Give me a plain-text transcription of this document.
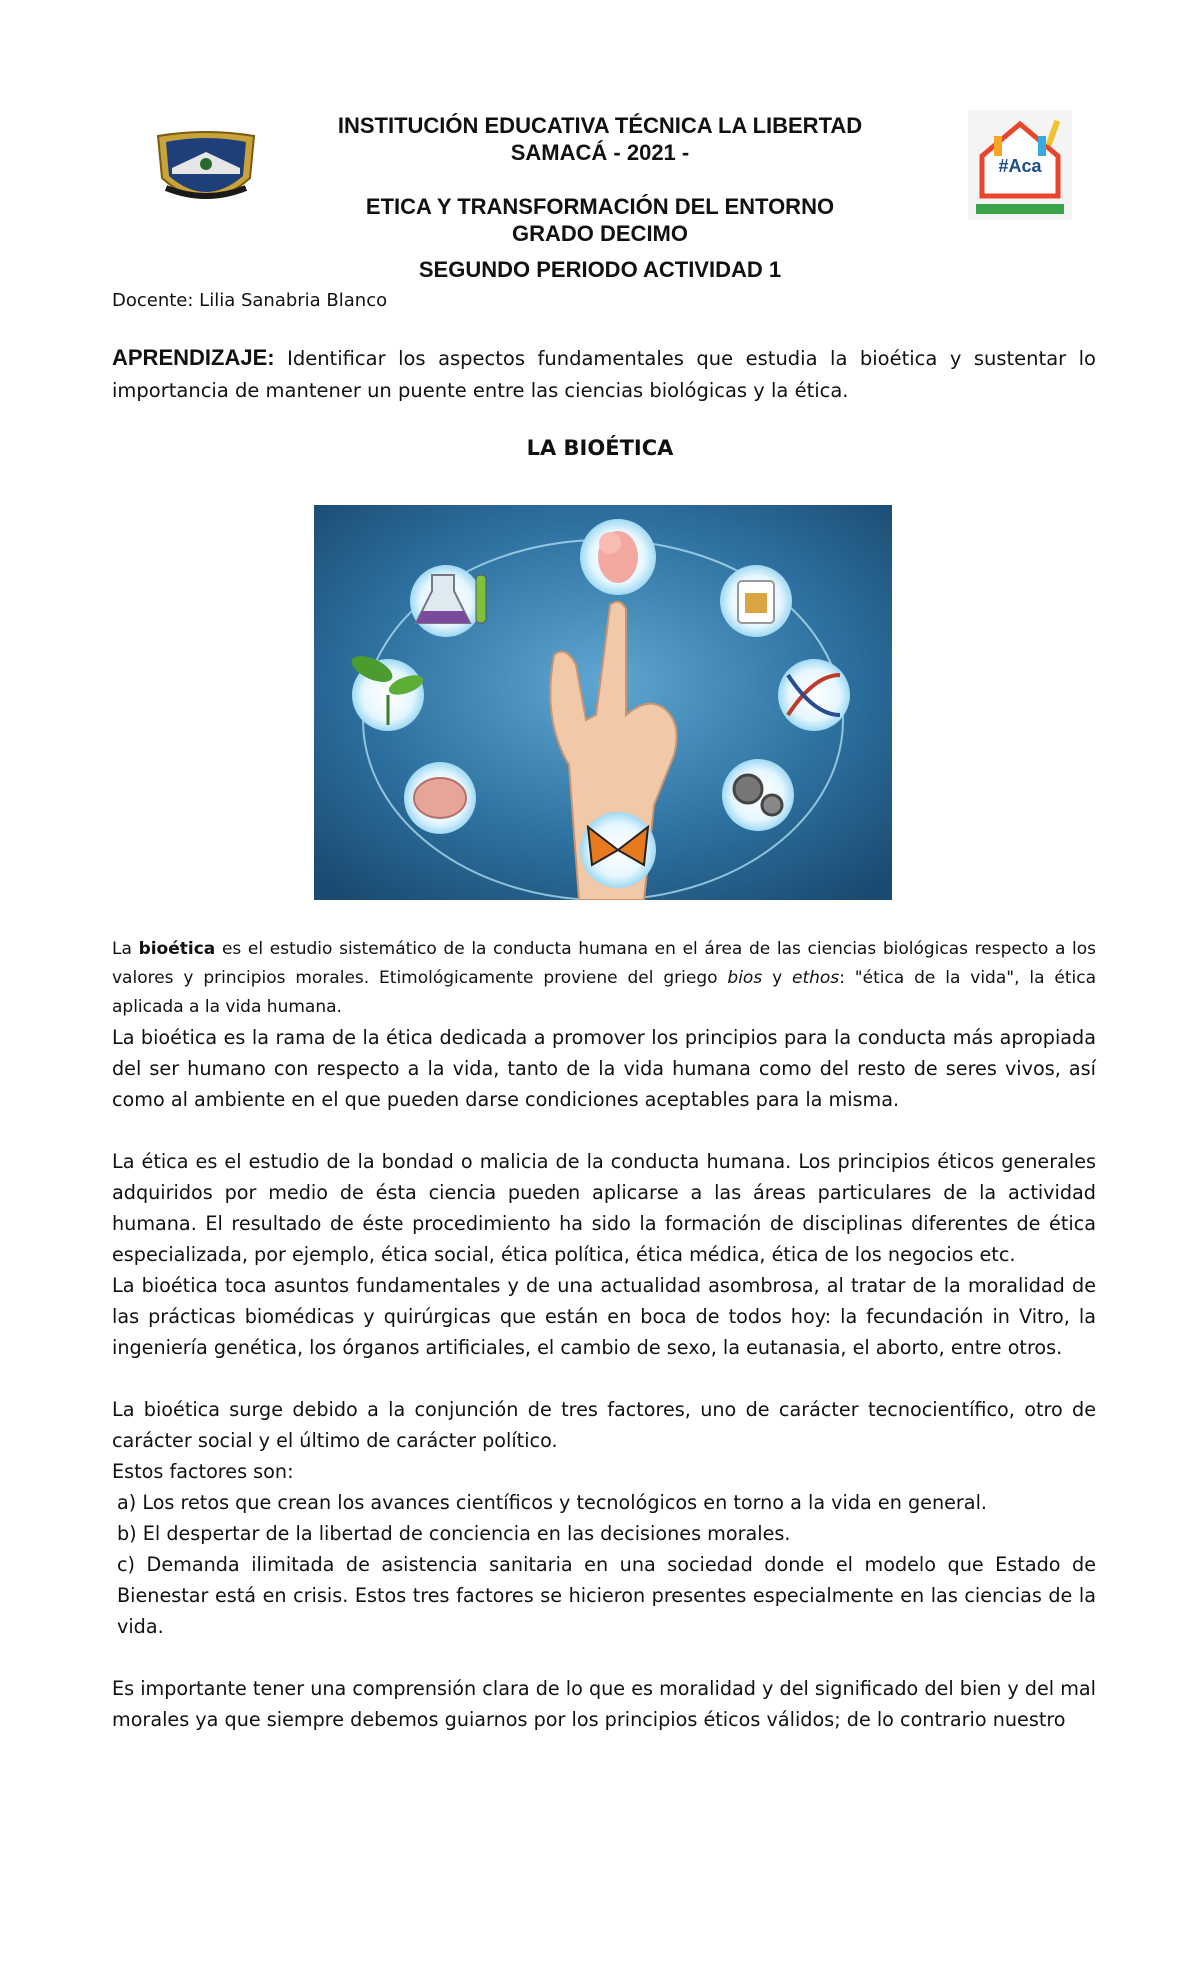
#Aca
INSTITUCIÓN EDUCATIVA TÉCNICA LA LIBERTAD
SAMACÁ - 2021 -
ETICA Y TRANSFORMACIÓN DEL ENTORNO
GRADO DECIMO
SEGUNDO PERIODO ACTIVIDAD 1
Docente: Lilia Sanabria Blanco
APRENDIZAJE: Identificar los aspectos fundamentales que estudia la bioética y sustentar lo importancia de mantener un puente entre las ciencias biológicas y la ética.
LA BIOÉTICA
La bioética es el estudio sistemático de la conducta humana en el área de las ciencias biológicas respecto a los valores y principios morales. Etimológicamente proviene del griego bios y ethos: "ética de la vida", la ética aplicada a la vida humana.

La bioética es la rama de la ética dedicada a promover los principios para la conducta más apropiada del ser humano con respecto a la vida, tanto de la vida humana como del resto de seres vivos, así como al ambiente en el que pueden darse condiciones aceptables para la misma.

La ética es el estudio de la bondad o malicia de la conducta humana. Los principios éticos generales adquiridos por medio de ésta ciencia pueden aplicarse a las áreas particulares de la actividad humana. El resultado de éste procedimiento ha sido la formación de disciplinas diferentes de ética especializada, por ejemplo, ética social, ética política, ética médica, ética de los negocios etc.

La bioética toca asuntos fundamentales y de una actualidad asombrosa, al tratar de la moralidad de las prácticas biomédicas y quirúrgicas que están en boca de todos hoy: la fecundación in Vitro, la ingeniería genética, los órganos artificiales, el cambio de sexo, la eutanasia, el aborto, entre otros.

La bioética surge debido a la conjunción de tres factores, uno de carácter tecnocientífico, otro de carácter social y el último de carácter político.

Estos factores son:

a) Los retos que crean los avances científicos y tecnológicos en torno a la vida en general.

b) El despertar de la libertad de conciencia en las decisiones morales.

c) Demanda ilimitada de asistencia sanitaria en una sociedad donde el modelo que Estado de Bienestar está en crisis. Estos tres factores se hicieron presentes especialmente en las ciencias de la vida.

Es importante tener una comprensión clara de lo que es moralidad y del significado del bien y del mal morales ya que siempre debemos guiarnos por los principios éticos válidos; de lo contrario nuestro
